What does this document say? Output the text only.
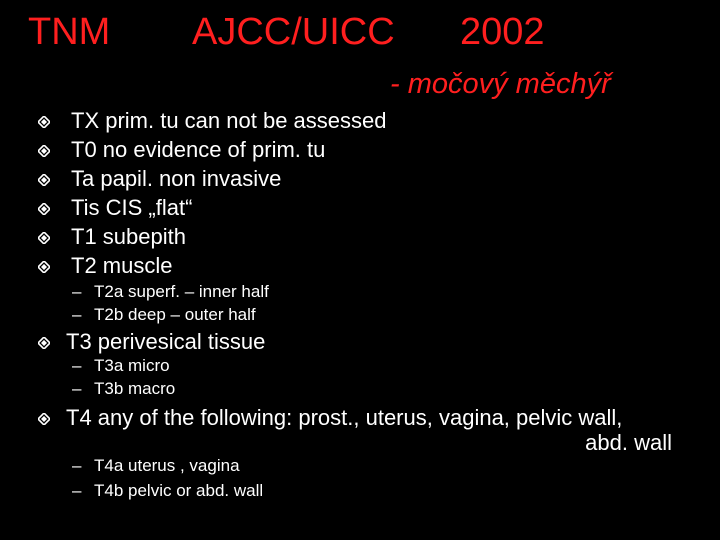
TNM AJCC/UICC 2002
- močový měchýř
TX prim. tu can not be assessed
T0 no evidence of prim. tu
Ta papil. non invasive
Tis CIS „flat“
T1 subepith
T2 muscle
– T2a superf. – inner half
– T2b deep – outer half
T3 perivesical tissue
– T3a micro
– T3b macro
T4 any of the following: prost., uterus, vagina, pelvic wall,
abd. wall
– T4a uterus , vagina
– T4b pelvic or abd. wall
